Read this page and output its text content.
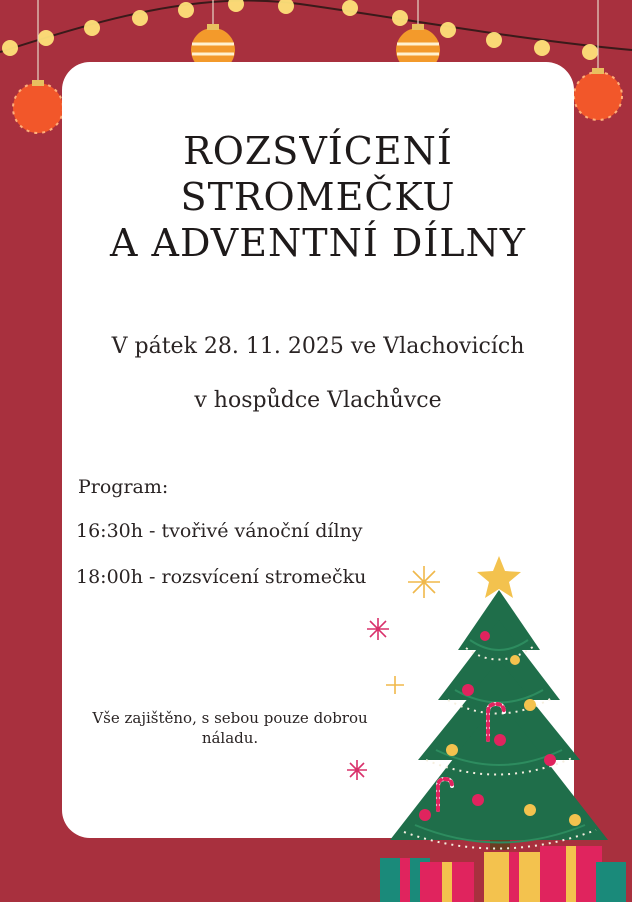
ROZSVÍCENÍ
STROMEČKU
A ADVENTNÍ DÍLNY

V pátek 28. 11. 2025 ve Vlachovicích

v hospůdce Vlachůvce

Program:

16:30h - tvořivé vánoční dílny

18:00h - rozsvícení stromečku

Vše zajištěno, s sebou pouze dobrou náladu.
